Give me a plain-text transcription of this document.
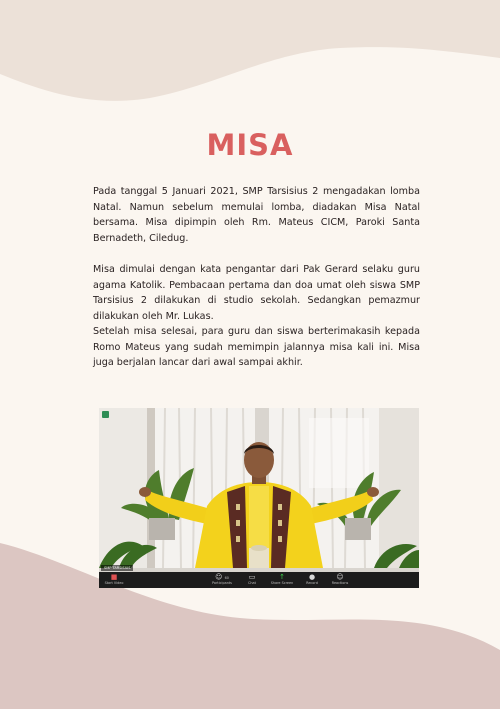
MISA

Pada tanggal 5 Januari 2021, SMP Tarsisius 2 mengadakan lomba Natal. Namun sebelum memulai lomba, diadakan Misa Natal bersama. Misa dipimpin oleh Rm. Mateus CICM, Paroki Santa Bernadeth, Ciledug.

Misa dimulai dengan kata pengantar dari Pak Gerard selaku guru agama Katolik. Pembacaan pertama dan doa umat oleh siswa SMP Tarsisius 2 dilakukan di studio sekolah. Sedangkan pemazmur dilakukan oleh Mr. Lukas.

Setelah misa selesai, para guru dan siswa berterimakasih kepada Romo Mateus yang sudah memimpin jalannya misa kali ini. Misa juga berjalan lancar dari awal sampai akhir.

SMP TARSISIUS
■
Start Video
☺ 60
Participants
▭
Chat
↑
Share Screen
●
Record
☺
Reactions
